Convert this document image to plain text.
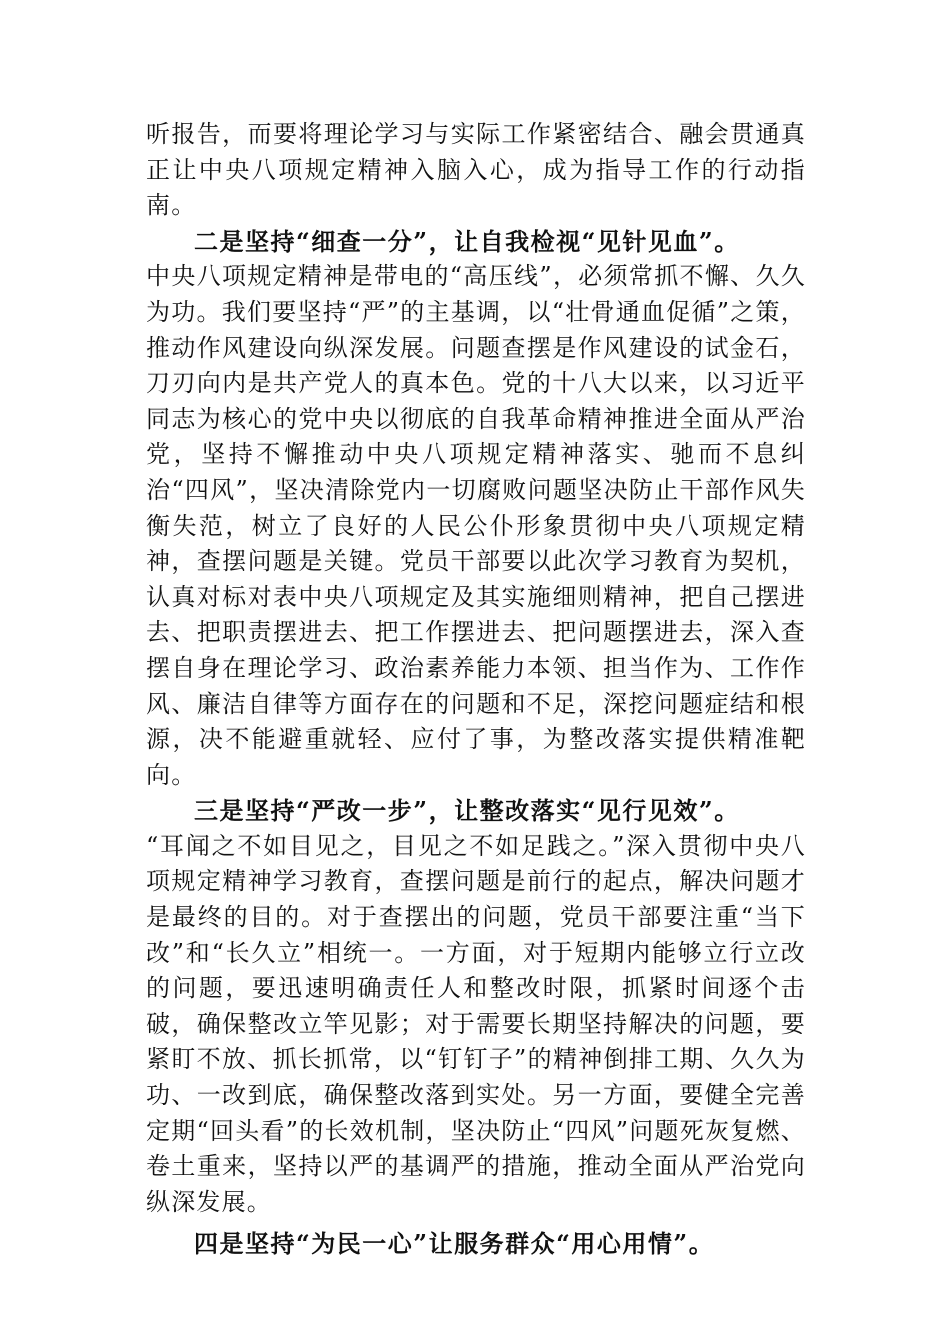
听报告，而要将理论学习与实际工作紧密结合、融会贯通真正让中央八项规定精神入脑入心，成为指导工作的行动指南。

二是坚持“细查一分”，让自我检视“见针见血”。

中央八项规定精神是带电的“高压线”，必须常抓不懈、久久为功。我们要坚持“严”的主基调，以“壮骨通血促循”之策，推动作风建设向纵深发展。问题查摆是作风建设的试金石，刀刃向内是共产党人的真本色。党的十八大以来，以习近平同志为核心的党中央以彻底的自我革命精神推进全面从严治党，坚持不懈推动中央八项规定精神落实、驰而不息纠治“四风”，坚决清除党内一切腐败问题坚决防止干部作风失衡失范，树立了良好的人民公仆形象贯彻中央八项规定精神，查摆问题是关键。党员干部要以此次学习教育为契机，认真对标对表中央八项规定及其实施细则精神，把自己摆进去、把职责摆进去、把工作摆进去、把问题摆进去，深入查摆自身在理论学习、政治素养能力本领、担当作为、工作作风、廉洁自律等方面存在的问题和不足，深挖问题症结和根源，决不能避重就轻、应付了事，为整改落实提供精准靶向。

三是坚持“严改一步”，让整改落实“见行见效”。

“耳闻之不如目见之，目见之不如足践之。”深入贯彻中央八项规定精神学习教育，查摆问题是前行的起点，解决问题才是最终的目的。对于查摆出的问题，党员干部要注重“当下改”和“长久立”相统一。一方面，对于短期内能够立行立改的问题，要迅速明确责任人和整改时限，抓紧时间逐个击破，确保整改立竿见影；对于需要长期坚持解决的问题，要紧盯不放、抓长抓常，以“钉钉子”的精神倒排工期、久久为功、一改到底，确保整改落到实处。另一方面，要健全完善定期“回头看”的长效机制，坚决防止“四风”问题死灰复燃、卷土重来，坚持以严的基调严的措施，推动全面从严治党向纵深发展。

四是坚持“为民一心”让服务群众“用心用情”。
